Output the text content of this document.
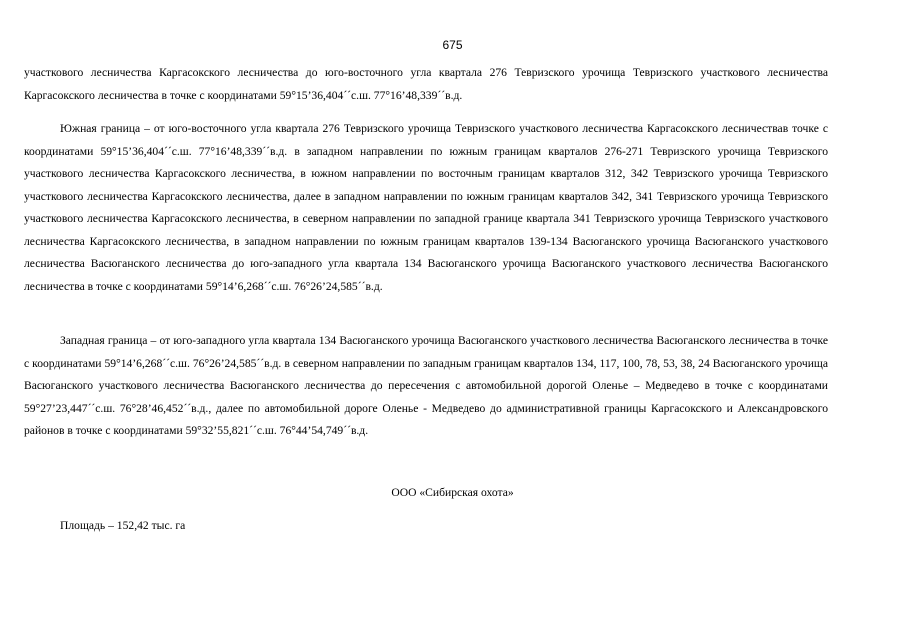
675

участкового лесничества Каргасокского лесничества до юго-восточного угла квартала 276 Тевризского урочища Тевризского участкового лесничества Каргасокского лесничества в точке с координатами 59°15’36,404´´с.ш. 77°16’48,339´´в.д.

Южная граница – от юго-восточного угла квартала 276 Тевризского урочища Тевризского участкового лесничества Каргасокского лесничествав точке с координатами 59°15’36,404´´с.ш. 77°16’48,339´´в.д. в западном направлении по южным границам кварталов 276-271 Тевризского урочища Тевризского участкового лесничества Каргасокского лесничества, в южном направлении по восточным границам кварталов 312, 342 Тевризского урочища Тевризского участкового лесничества Каргасокского лесничества, далее в западном направлении по южным границам кварталов 342, 341 Тевризского урочища Тевризского участкового лесничества Каргасокского лесничества, в северном направлении по западной границе квартала 341 Тевризского урочища Тевризского участкового лесничества Каргасокского лесничества, в западном направлении по южным границам кварталов 139-134 Васюганского урочища Васюганского участкового лесничества Васюганского лесничества до юго-западного угла квартала 134 Васюганского урочища Васюганского участкового лесничества Васюганского лесничества в точке с координатами 59°14’6,268´´с.ш. 76°26’24,585´´в.д.

Западная граница – от юго-западного угла квартала 134 Васюганского урочища Васюганского участкового лесничества Васюганского лесничества в точке с координатами 59°14’6,268´´с.ш. 76°26’24,585´´в.д. в северном направлении по западным границам кварталов 134, 117, 100, 78, 53, 38, 24 Васюганского урочища Васюганского участкового лесничества Васюганского лесничества до пересечения с автомобильной дорогой Оленье – Медведево в точке с координатами 59°27’23,447´´с.ш. 76°28’46,452´´в.д., далее по автомобильной дороге Оленье - Медведево до административной границы Каргасокского и Александровского районов в точке с координатами 59°32’55,821´´с.ш. 76°44’54,749´´в.д.

ООО «Сибирская охота»
Площадь – 152,42 тыс. га
